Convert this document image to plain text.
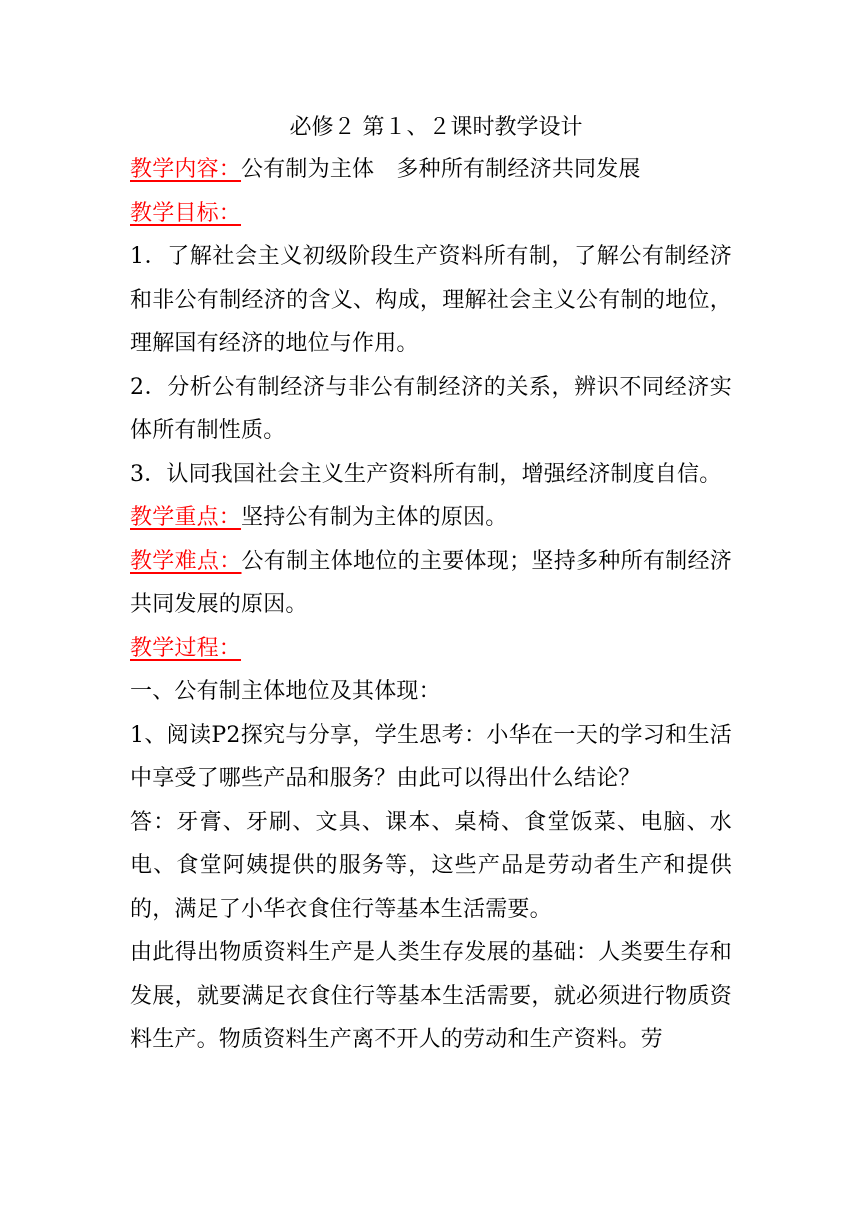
必修２ 第１、２课时教学设计

教学内容：公有制为主体　多种所有制经济共同发展

教学目标：

1．了解社会主义初级阶段生产资料所有制，了解公有制经济和非公有制经济的含义、构成，理解社会主义公有制的地位，理解国有经济的地位与作用。

2．分析公有制经济与非公有制经济的关系，辨识不同经济实体所有制性质。

3．认同我国社会主义生产资料所有制，增强经济制度自信。

教学重点：坚持公有制为主体的原因。

教学难点：公有制主体地位的主要体现；坚持多种所有制经济共同发展的原因。

教学过程：

一、公有制主体地位及其体现：

1、阅读P2探究与分享，学生思考：小华在一天的学习和生活中享受了哪些产品和服务？由此可以得出什么结论？

答：牙膏、牙刷、文具、课本、桌椅、食堂饭菜、电脑、水电、食堂阿姨提供的服务等，这些产品是劳动者生产和提供的，满足了小华衣食住行等基本生活需要。

由此得出物质资料生产是人类生存发展的基础：人类要生存和发展，就要满足衣食住行等基本生活需要，就必须进行物质资料生产。物质资料生产离不开人的劳动和生产资料。劳
